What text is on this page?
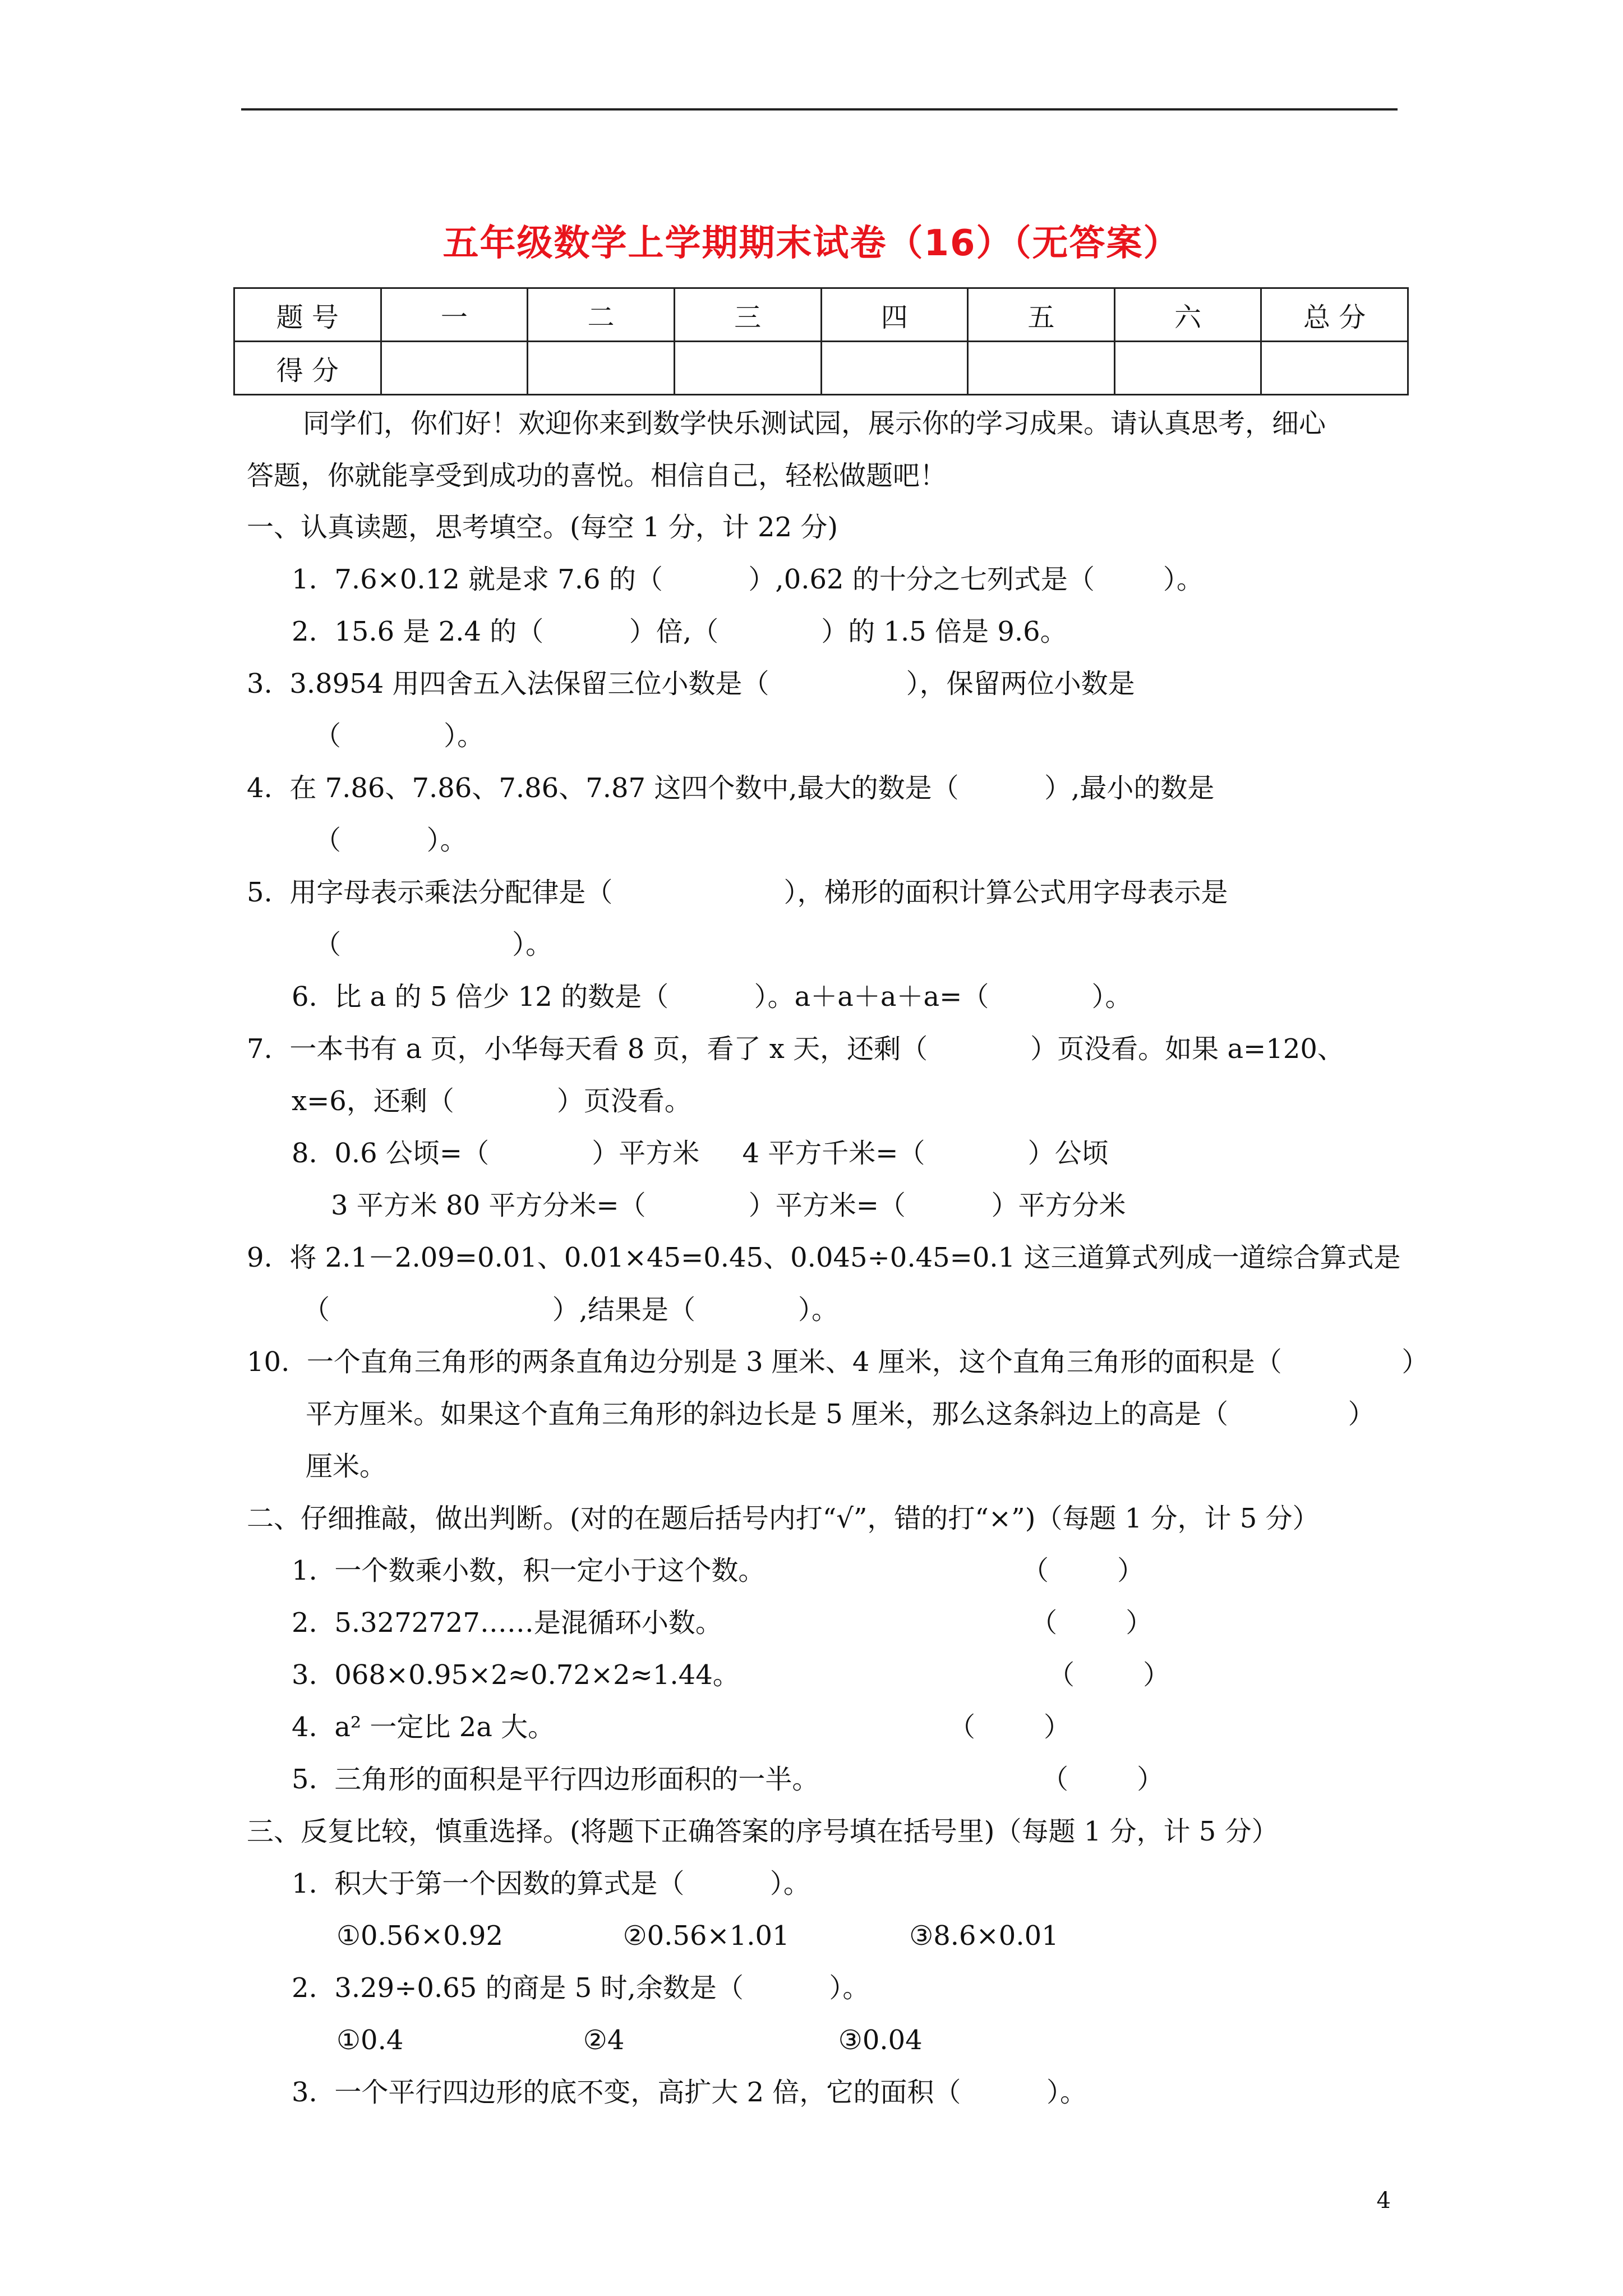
五年级数学上学期期末试卷（16）（无答案）
题 号	一	二	三	四	五	六	总 分
得 分							
同学们，你们好！欢迎你来到数学快乐测试园，展示你的学习成果。请认真思考，细心
答题，你就能享受到成功的喜悦。相信自己，轻松做题吧！
一、认真读题，思考填空。(每空 1 分，计 22 分)
1.  7.6×0.12 就是求 7.6 的（          ）,0.62 的十分之七列式是（        ）。
2.  15.6 是 2.4 的（          ）倍,（            ）的 1.5 倍是 9.6。
3.  3.8954 用四舍五入法保留三位小数是（                ），保留两位小数是
（            ）。
4.  在 7.86、7.86、7.86、7.87 这四个数中,最大的数是（          ）,最小的数是
（          ）。
5.  用字母表示乘法分配律是（                    ），梯形的面积计算公式用字母表示是
（                    ）。
6.  比 a 的 5 倍少 12 的数是（          ）。a＋a＋a＋a=（            ）。
7.  一本书有 a 页，小华每天看 8 页，看了 x 天，还剩（            ）页没看。如果 a=120、
x=6，还剩（            ）页没看。
8.  0.6 公顷=（            ）平方米     4 平方千米=（            ）公顷
3 平方米 80 平方分米=（            ）平方米=（          ）平方分米
9.  将 2.1－2.09=0.01、0.01×45=0.45、0.045÷0.45=0.1 这三道算式列成一道综合算式是
（                          ）,结果是（            ）。
10.  一个直角三角形的两条直角边分别是 3 厘米、4 厘米，这个直角三角形的面积是（              ）
平方厘米。如果这个直角三角形的斜边长是 5 厘米，那么这条斜边上的高是（              ）
厘米。
二、仔细推敲，做出判断。(对的在题后括号内打“√”，错的打“×”)（每题 1 分，计 5 分）
1.  一个数乘小数，积一定小于这个数。                              （        ）
2.  5.3272727……是混循环小数。                                    （        ）
3.  068×0.95×2≈0.72×2≈1.44。                                    （        ）
4.  a² 一定比 2a 大。                                              （        ）
5.  三角形的面积是平行四边形面积的一半。                          （        ）
三、反复比较，慎重选择。(将题下正确答案的序号填在括号里)（每题 1 分，计 5 分）
1.  积大于第一个因数的算式是（          ）。
①0.56×0.92              ②0.56×1.01              ③8.6×0.01
2.  3.29÷0.65 的商是 5 时,余数是（          ）。
①0.4                     ②4                         ③0.04
3.  一个平行四边形的底不变，高扩大 2 倍，它的面积（          ）。
4
